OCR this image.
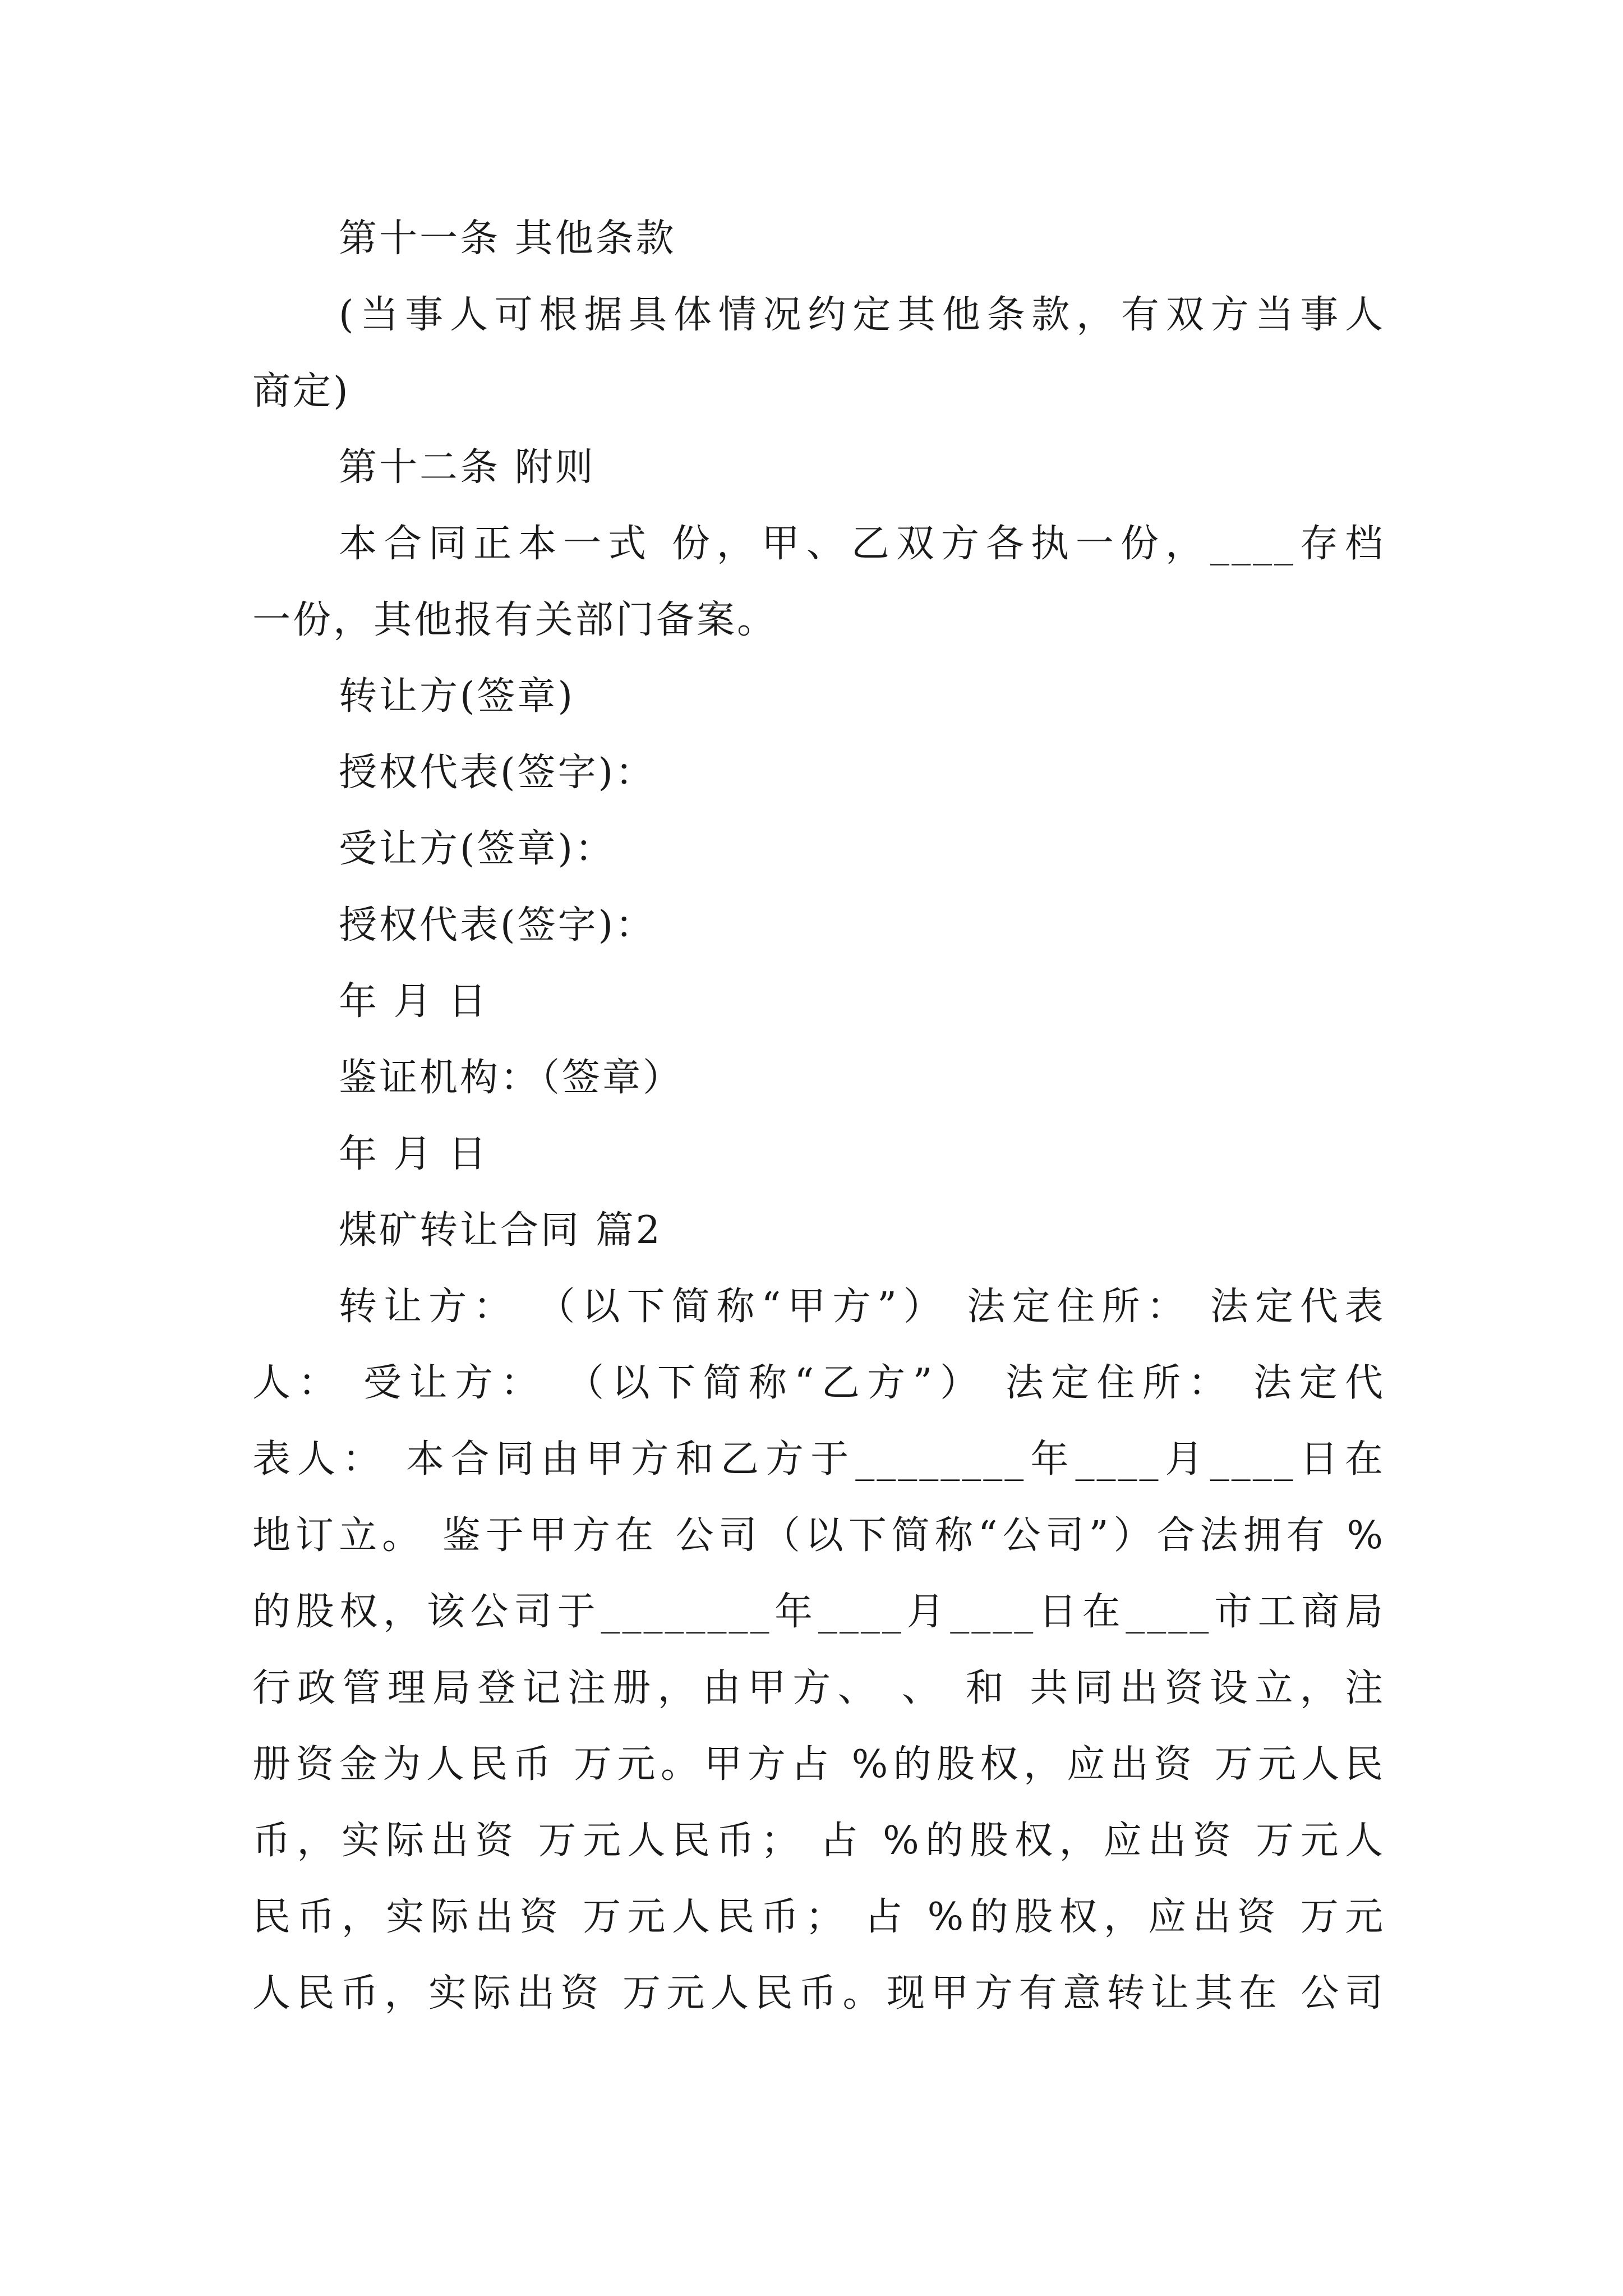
第十一条 其他条款
(当事人可根据具体情况约定其他条款，有双方当事人
商定)
第十二条 附则
本合同正本一式 份，甲、乙双方各执一份，____存档
一份，其他报有关部门备案。
转让方(签章)
授权代表(签字)：
受让方(签章)：
授权代表(签字)：
年 月 日
鉴证机构：（签章）
年 月 日
煤矿转让合同 篇2
转让方： （以下简称“甲方”） 法定住所： 法定代表
人： 受让方： （以下简称“乙方”） 法定住所： 法定代
表人： 本合同由甲方和乙方于________年____月____日在
地订立。 鉴于甲方在 公司（以下简称“公司”）合法拥有 %
的股权，该公司于________年____月____日在____市工商局
行政管理局登记注册，由甲方、 、 和 共同出资设立，注
册资金为人民币 万元。甲方占 %的股权，应出资 万元人民
币，实际出资 万元人民币； 占 %的股权，应出资 万元人
民币，实际出资 万元人民币； 占 %的股权，应出资 万元
人民币，实际出资 万元人民币。现甲方有意转让其在 公司
